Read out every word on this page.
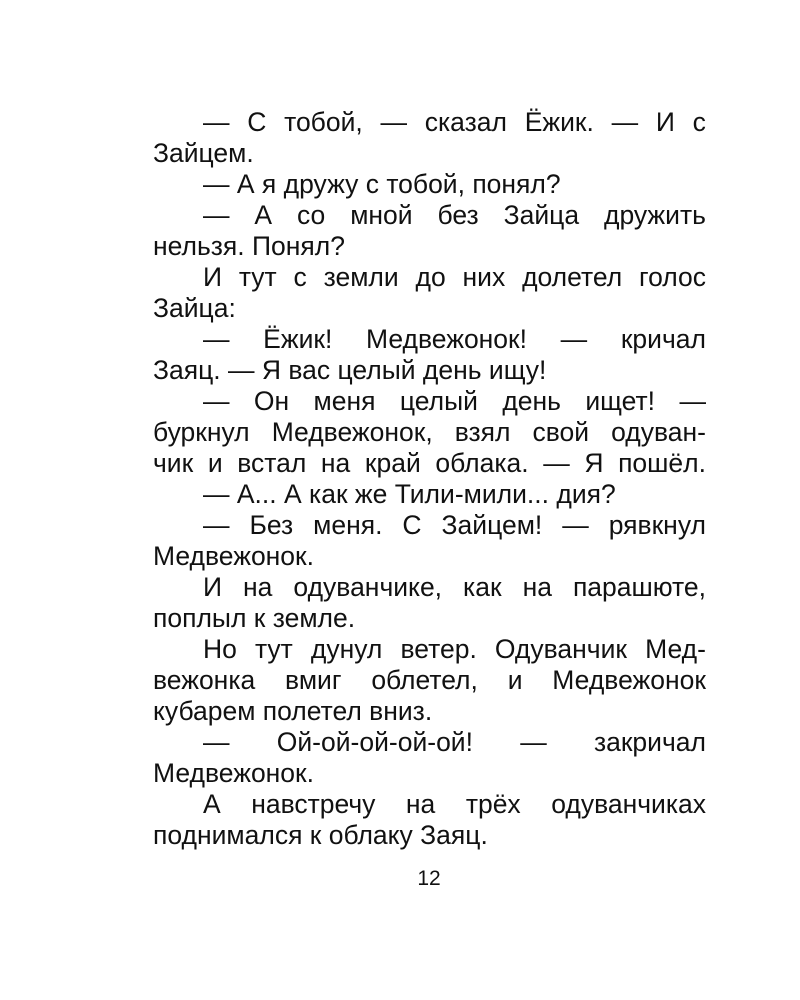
— С тобой, — сказал Ёжик. — И с
Зайцем.
— А я дружу с тобой, понял?
— А со мной без Зайца дружить
нельзя. Понял?
И тут с земли до них долетел голос
Зайца:
— Ёжик! Медвежонок! — кричал
Заяц. — Я вас целый день ищу!
— Он меня целый день ищет! —
буркнул Медвежонок, взял свой одуван-
чик и встал на край облака. — Я пошёл.
— А... А как же Тили-мили... дия?
— Без меня. С Зайцем! — рявкнул
Медвежонок.
И на одуванчике, как на парашюте,
поплыл к земле.
Но тут дунул ветер. Одуванчик Мед-
вежонка вмиг облетел, и Медвежонок
кубарем полетел вниз.
— Ой-ой-ой-ой-ой! — закричал
Медвежонок.
А навстречу на трёх одуванчиках
поднимался к облаку Заяц.
12
